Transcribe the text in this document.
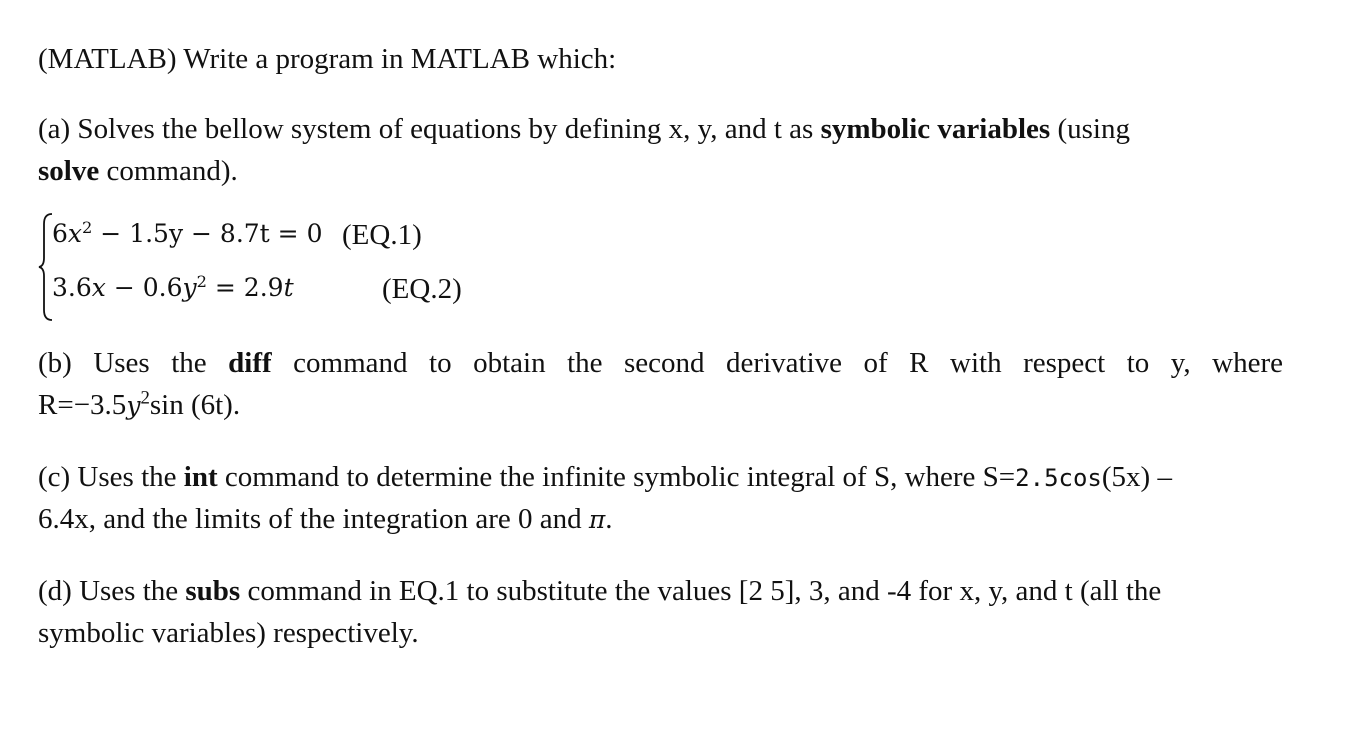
(MATLAB) Write a program in MATLAB which:

(a) Solves the bellow system of equations by defining x, y, and t as symbolic variables (using
solve command).

$6x^2 - 1.5y - 8.7t = 0$ (EQ.1)
$3.6x - 0.6y^2 = 2.9t$	(EQ.2)

(b) Uses the diff command to obtain the second derivative of R with respect to y, where
$R=-3.5y^2\sin$ (6t).

(c) Uses the int command to determine the infinite symbolic integral of S, where S=2.5cos(5x) –
6.4x, and the limits of the integration are 0 and π.

(d) Uses the subs command in EQ.1 to substitute the values [2 5], 3, and -4 for x, y, and t (all the
symbolic variables) respectively.
